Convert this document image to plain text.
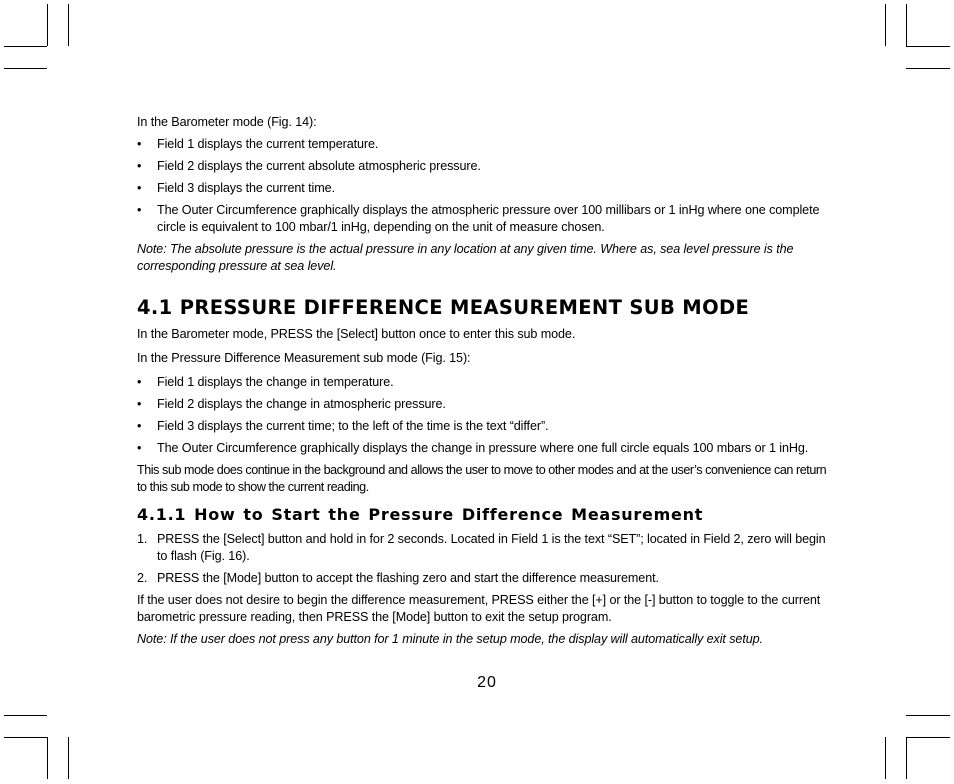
In the Barometer mode (Fig. 14):

•	Field 1 displays the current temperature.
•	Field 2 displays the current absolute atmospheric pressure.
•	Field 3 displays the current time.
•	The Outer Circumference graphically displays the atmospheric pressure over 100 millibars or 1 inHg where one complete circle is equivalent to 100 mbar/1 inHg, depending on the unit of measure chosen.

Note: The absolute pressure is the actual pressure in any location at any given time. Where as, sea level pressure is the corresponding pressure at sea level.

4.1 PRESSURE DIFFERENCE MEASUREMENT SUB MODE

In the Barometer mode, PRESS the [Select] button once to enter this sub mode.

In the Pressure Difference Measurement sub mode (Fig. 15):

•	Field 1 displays the change in temperature.
•	Field 2 displays the change in atmospheric pressure.
•	Field 3 displays the current time; to the left of the time is the text “differ”.
•	The Outer Circumference graphically displays the change in pressure where one full circle equals 100 mbars or 1 inHg.

This sub mode does continue in the background and allows the user to move to other modes and at the user’s convenience can return to this sub mode to show the current reading.

4.1.1 How to Start the Pressure Difference Measurement
1. PRESS the [Select] button and hold in for 2 seconds. Located in Field 1 is the text “SET”; located in Field 2, zero will begin to flash (Fig. 16).
2. PRESS the [Mode] button to accept the flashing zero and start the difference measurement.

If the user does not desire to begin the difference measurement, PRESS either the [+] or the [-] button to toggle to the current barometric pressure reading, then PRESS the [Mode] button to exit the setup program.

Note: If the user does not press any button for 1 minute in the setup mode, the display will automatically exit setup.

20
